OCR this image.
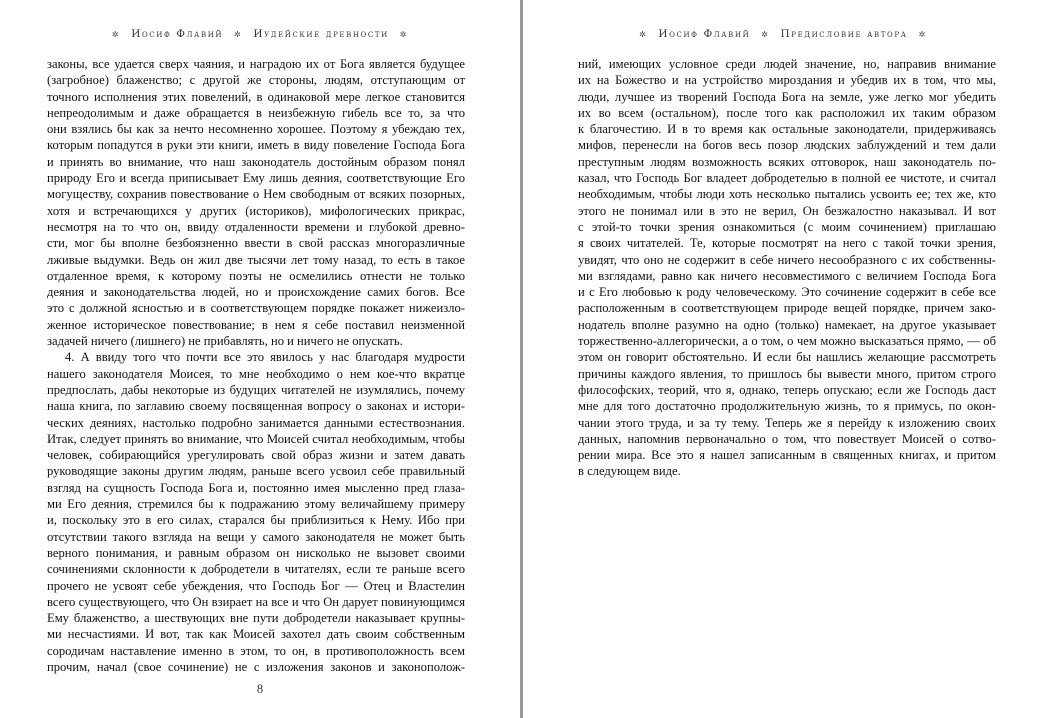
✲ Иосиф Флавий ✲ Иудейские древности ✲
законы, все удается сверх чаяния, и наградою их от Бога является будущее
(загробное) блаженство; с другой же стороны, людям, отступающим от
точного исполнения этих повелений, в одинаковой мере легкое становится
непреодолимым и даже обращается в неизбежную гибель все то, за что
они взялись бы как за нечто несомненно хорошее. Поэтому я убеждаю тех,
которым попадутся в руки эти книги, иметь в виду повеление Господа Бога
и принять во внимание, что наш законодатель достойным образом понял
природу Его и всегда приписывает Ему лишь деяния, соответствующие Его
могуществу, сохранив повествование о Нем свободным от всяких позорных,
хотя и встречающихся у других (историков), мифологических прикрас,
несмотря на то что он, ввиду отдаленности времени и глубокой древно-
сти, мог бы вполне безбоязненно ввести в свой рассказ многоразличные
лживые выдумки. Ведь он жил две тысячи лет тому назад, то есть в такое
отдаленное время, к которому поэты не осмелились отнести не только
деяния и законодательства людей, но и происхождение самих богов. Все
это с должной ясностью и в соответствующем порядке покажет нижеизло-
женное историческое повествование; в нем я себе поставил неизменной
задачей ничего (лишнего) не прибавлять, но и ничего не опускать.
4. А ввиду того что почти все это явилось у нас благодаря мудрости
нашего законодателя Моисея, то мне необходимо о нем кое-что вкратце
предпослать, дабы некоторые из будущих читателей не изумлялись, почему
наша книга, по заглавию своему посвященная вопросу о законах и истори-
ческих деяниях, настолько подробно занимается данными естествознания.
Итак, следует принять во внимание, что Моисей считал необходимым, чтобы
человек, собирающийся урегулировать свой образ жизни и затем давать
руководящие законы другим людям, раньше всего усвоил себе правильный
взгляд на сущность Господа Бога и, постоянно имея мысленно пред глаза-
ми Его деяния, стремился бы к подражанию этому величайшему примеру
и, поскольку это в его силах, старался бы приблизиться к Нему. Ибо при
отсутствии такого взгляда на вещи у самого законодателя не может быть
верного понимания, и равным образом он нисколько не вызовет своими
сочинениями склонности к добродетели в читателях, если те раньше всего
прочего не усвоят себе убеждения, что Господь Бог — Отец и Властелин
всего существующего, что Он взирает на все и что Он дарует повинующимся
Ему блаженство, а шествующих вне пути добродетели наказывает крупны-
ми несчастиями. И вот, так как Моисей захотел дать своим собственным
сородичам наставление именно в этом, то он, в противоположность всем
прочим, начал (свое сочинение) не с изложения законов и законополож-
8
✲ Иосиф Флавий ✲ Предисловие автора ✲
ний, имеющих условное среди людей значение, но, направив внимание
их на Божество и на устройство мироздания и убедив их в том, что мы,
люди, лучшее из творений Господа Бога на земле, уже легко мог убедить
их во всем (остальном), после того как расположил их таким образом
к благочестию. И в то время как остальные законодатели, придерживаясь
мифов, перенесли на богов весь позор людских заблуждений и тем дали
преступным людям возможность всяких отговорок, наш законодатель по-
казал, что Господь Бог владеет добродетелью в полной ее чистоте, и считал
необходимым, чтобы люди хоть несколько пытались усвоить ее; тех же, кто
этого не понимал или в это не верил, Он безжалостно наказывал. И вот
с этой-то точки зрения ознакомиться (с моим сочинением) приглашаю
я своих читателей. Те, которые посмотрят на него с такой точки зрения,
увидят, что оно не содержит в себе ничего несообразного с их собственны-
ми взглядами, равно как ничего несовместимого с величием Господа Бога
и с Его любовью к роду человеческому. Это сочинение содержит в себе все
расположенным в соответствующем природе вещей порядке, причем зако-
нодатель вполне разумно на одно (только) намекает, на другое указывает
торжественно-аллегорически, а о том, о чем можно высказаться прямо, — об
этом он говорит обстоятельно. И если бы нашлись желающие рассмотреть
причины каждого явления, то пришлось бы вывести много, притом строго
философских, теорий, что я, однако, теперь опускаю; если же Господь даст
мне для того достаточно продолжительную жизнь, то я примусь, по окон-
чании этого труда, и за ту тему. Теперь же я перейду к изложению своих
данных, напомнив первоначально о том, что повествует Моисей о сотво-
рении мира. Все это я нашел записанным в священных книгах, и притом
в следующем виде.
